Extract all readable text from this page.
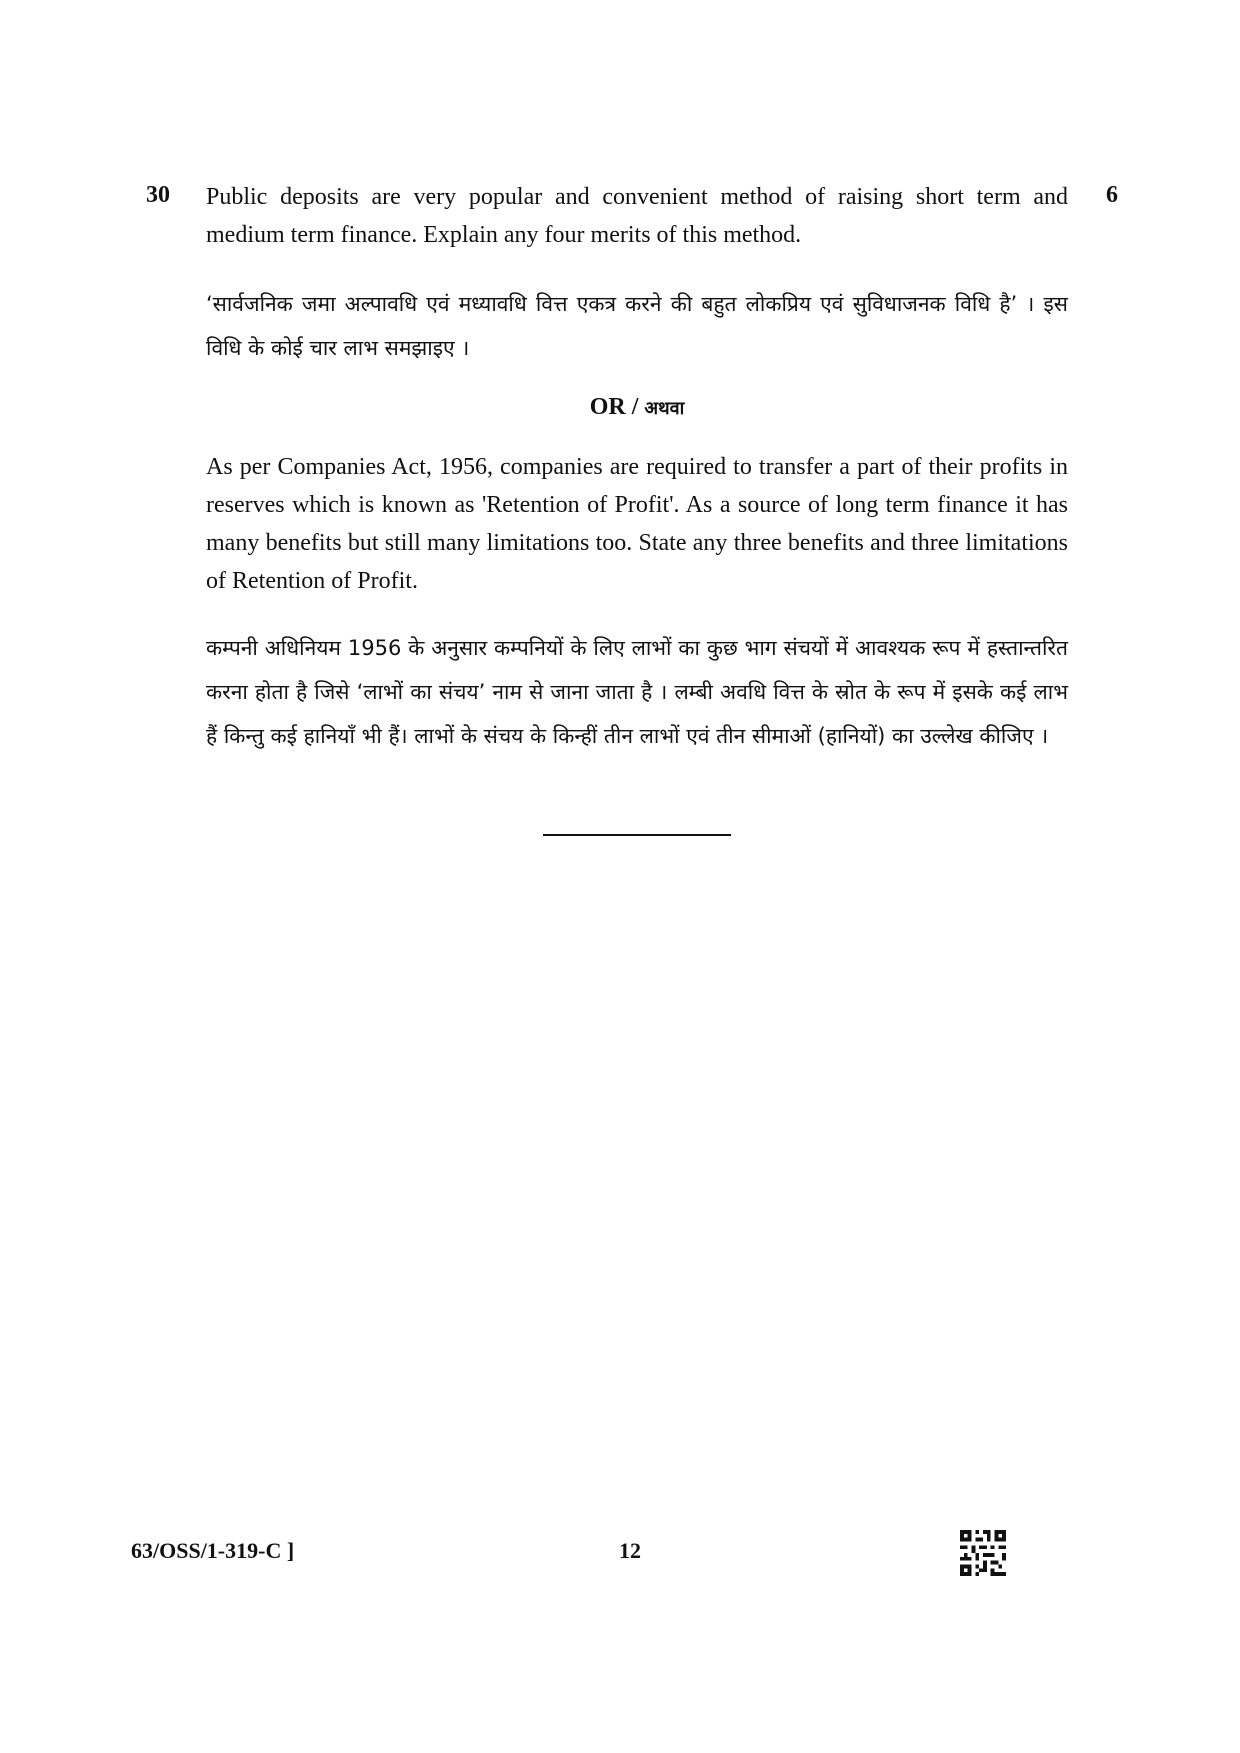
30	6

Public deposits are very popular and convenient method of raising short term and medium term finance. Explain any four merits of this method.

‘सार्वजनिक जमा अल्पावधि एवं मध्यावधि वित्त एकत्र करने की बहुत लोकप्रिय एवं सुविधाजनक विधि है’ । इस विधि के कोई चार लाभ समझाइए ।

OR / अथवा

As per Companies Act, 1956, companies are required to transfer a part of their profits in reserves which is known as 'Retention of Profit'. As a source of long term finance it has many benefits but still many limitations too. State any three benefits and three limitations of Retention of Profit.

कम्पनी अधिनियम 1956 के अनुसार कम्पनियों के लिए लाभों का कुछ भाग संचयों में आवश्यक रूप में हस्तान्तरित करना होता है जिसे ‘लाभों का संचय’ नाम से जाना जाता है । लम्बी अवधि वित्त के स्रोत के रूप में इसके कई लाभ हैं किन्तु कई हानियाँ भी हैं। लाभों के संचय के किन्हीं तीन लाभों एवं तीन सीमाओं (हानियों) का उल्लेख कीजिए ।

63/OSS/1-319-C ]	12
